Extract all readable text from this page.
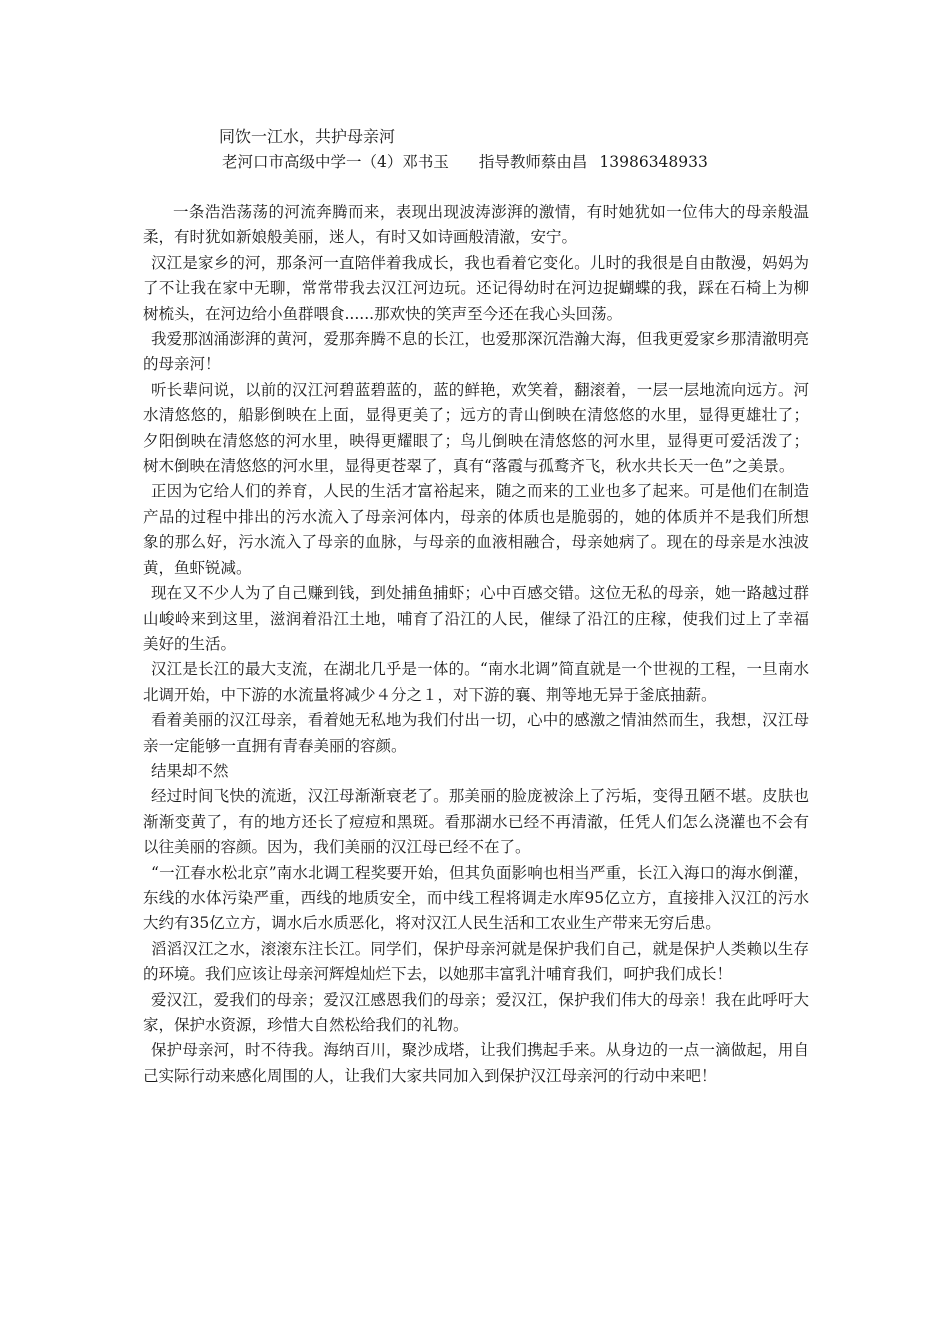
同饮一江水，共护母亲河
老河口市高级中学一（4）邓书玉 指导教师蔡由昌 13986348933

一条浩浩荡荡的河流奔腾而来，表现出现波涛澎湃的激情，有时她犹如一位伟大的母亲般温柔，有时犹如新娘般美丽，迷人，有时又如诗画般清澈，安宁。

汉江是家乡的河，那条河一直陪伴着我成长，我也看着它变化。儿时的我很是自由散漫，妈妈为了不让我在家中无聊，常常带我去汉江河边玩。还记得幼时在河边捉蝴蝶的我，踩在石椅上为柳树梳头，在河边给小鱼群喂食......那欢快的笑声至今还在我心头回荡。

我爱那汹涌澎湃的黄河，爱那奔腾不息的长江，也爱那深沉浩瀚大海，但我更爱家乡那清澈明亮的母亲河！

听长辈问说，以前的汉江河碧蓝碧蓝的，蓝的鲜艳，欢笑着，翻滚着，一层一层地流向远方。河水清悠悠的，船影倒映在上面，显得更美了；远方的青山倒映在清悠悠的水里，显得更雄壮了；夕阳倒映在清悠悠的河水里，映得更耀眼了；鸟儿倒映在清悠悠的河水里，显得更可爱活泼了；树木倒映在清悠悠的河水里，显得更苍翠了，真有“落霞与孤鹜齐飞，秋水共长天一色”之美景。

正因为它给人们的养育，人民的生活才富裕起来，随之而来的工业也多了起来。可是他们在制造产品的过程中排出的污水流入了母亲河体内，母亲的体质也是脆弱的，她的体质并不是我们所想象的那么好，污水流入了母亲的血脉，与母亲的血液相融合，母亲她病了。现在的母亲是水浊波黄，鱼虾锐减。

现在又不少人为了自己赚到钱，到处捕鱼捕虾；心中百感交错。这位无私的母亲，她一路越过群山峻岭来到这里，滋润着沿江土地，哺育了沿江的人民，催绿了沿江的庄稼，使我们过上了幸福美好的生活。

汉江是长江的最大支流，在湖北几乎是一体的。“南水北调”简直就是一个世视的工程，一旦南水北调开始，中下游的水流量将减少４分之１，对下游的襄、荆等地无异于釜底抽薪。

看着美丽的汉江母亲，看着她无私地为我们付出一切，心中的感激之情油然而生，我想，汉江母亲一定能够一直拥有青春美丽的容颜。

结果却不然

经过时间飞快的流逝，汉江母渐渐衰老了。那美丽的脸庞被涂上了污垢，变得丑陋不堪。皮肤也渐渐变黄了，有的地方还长了痘痘和黑斑。看那湖水已经不再清澈，任凭人们怎么浇灌也不会有以往美丽的容颜。因为，我们美丽的汉江母已经不在了。

“一江春水松北京”南水北调工程奖要开始，但其负面影响也相当严重，长江入海口的海水倒灌，东线的水体污染严重，西线的地质安全，而中线工程将调走水库95亿立方，直接排入汉江的污水大约有35亿立方，调水后水质恶化，将对汉江人民生活和工农业生产带来无穷后患。

滔滔汉江之水，滚滚东注长江。同学们，保护母亲河就是保护我们自己，就是保护人类赖以生存的环境。我们应该让母亲河辉煌灿烂下去，以她那丰富乳汁哺育我们，呵护我们成长！

爱汉江，爱我们的母亲；爱汉江感恩我们的母亲；爱汉江，保护我们伟大的母亲！我在此呼吁大家，保护水资源，珍惜大自然松给我们的礼物。

保护母亲河，时不待我。海纳百川，聚沙成塔，让我们携起手来。从身边的一点一滴做起，用自己实际行动来感化周围的人，让我们大家共同加入到保护汉江母亲河的行动中来吧！
